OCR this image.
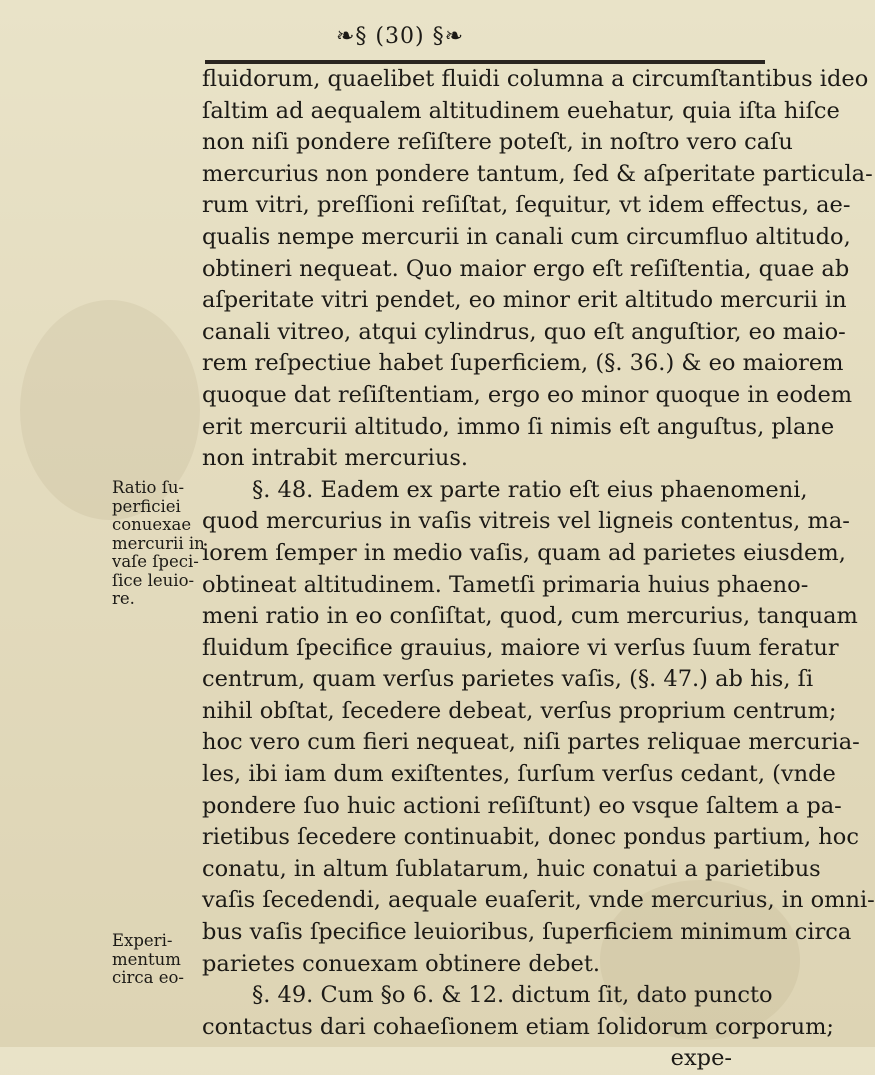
❧§ (30) §❧
fluidorum, quaelibet fluidi columna a circumſtantibus ideo
ſaltim ad aequalem altitudinem euehatur, quia iſta hiſce
non niſi pondere reſiſtere poteſt, in noſtro vero caſu
mercurius non pondere tantum, ſed & aſperitate particula-
rum vitri, preſſioni reſiſtat, ſequitur, vt idem effectus, ae-
qualis nempe mercurii in canali cum circumfluo altitudo,
obtineri nequeat. Quo maior ergo eſt reſiſtentia, quae ab
aſperitate vitri pendet, eo minor erit altitudo mercurii in
canali vitreo, atqui cylindrus, quo eſt anguſtior, eo maio-
rem reſpectiue habet ſuperficiem, (§. 36.) & eo maiorem
quoque dat reſiſtentiam, ergo eo minor quoque in eodem
erit mercurii altitudo, immo ſi nimis eſt anguſtus, plane
non intrabit mercurius.
§. 48. Eadem ex parte ratio eſt eius phaenomeni,
quod mercurius in vaſis vitreis vel ligneis contentus, ma-
iorem ſemper in medio vaſis, quam ad parietes eiusdem,
obtineat altitudinem. Tametſi primaria huius phaeno-
meni ratio in eo conſiſtat, quod, cum mercurius, tanquam
fluidum ſpecifice grauius, maiore vi verſus ſuum feratur
centrum, quam verſus parietes vaſis, (§. 47.) ab his, ſi
nihil obſtat, ſecedere debeat, verſus proprium centrum;
hoc vero cum fieri nequeat, niſi partes reliquae mercuria-
les, ibi iam dum exiſtentes, ſurſum verſus cedant, (vnde
pondere ſuo huic actioni reſiſtunt) eo vsque ſaltem a pa-
rietibus ſecedere continuabit, donec pondus partium, hoc
conatu, in altum ſublatarum, huic conatui a parietibus
vaſis ſecedendi, aequale euaſerit, vnde mercurius, in omni-
bus vaſis ſpecifice leuioribus, ſuperficiem minimum circa
parietes conuexam obtinere debet.
§. 49. Cum §o 6. & 12. dictum ſit, dato puncto
contactus dari cohaeſionem etiam ſolidorum corporum;
expe-
Ratio ſu-
perficiei
conuexae
mercurii in
vaſe ſpeci-
ſice leuio-
re.
Experi-
mentum
circa eo-
